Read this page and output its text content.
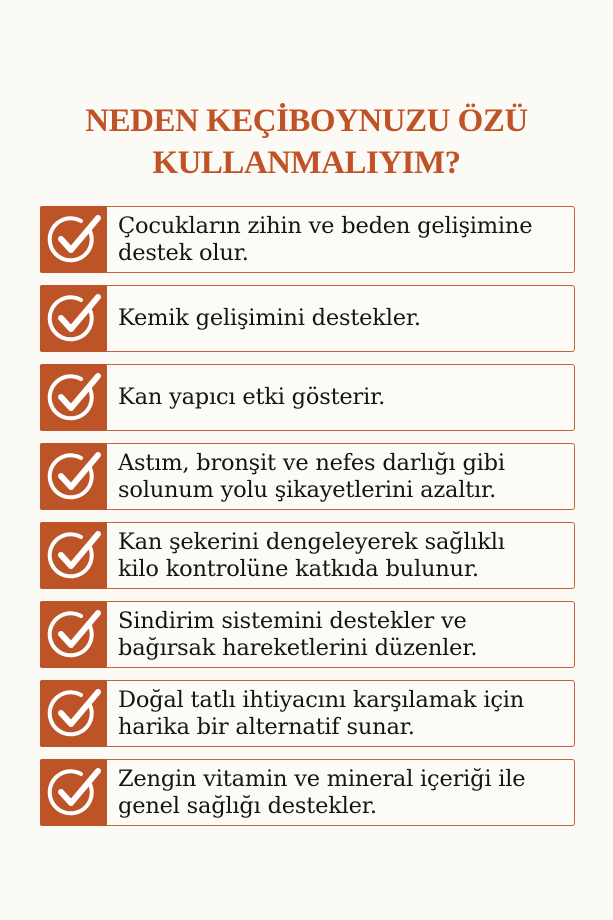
NEDEN KEÇİBOYNUZU ÖZÜ
KULLANMALIYIM?
Çocukların zihin ve beden gelişimine
destek olur.
Kemik gelişimini destekler.
Kan yapıcı etki gösterir.
Astım, bronşit ve nefes darlığı gibi
solunum yolu şikayetlerini azaltır.
Kan şekerini dengeleyerek sağlıklı
kilo kontrolüne katkıda bulunur.
Sindirim sistemini destekler ve
bağırsak hareketlerini düzenler.
Doğal tatlı ihtiyacını karşılamak için
harika bir alternatif sunar.
Zengin vitamin ve mineral içeriği ile
genel sağlığı destekler.
